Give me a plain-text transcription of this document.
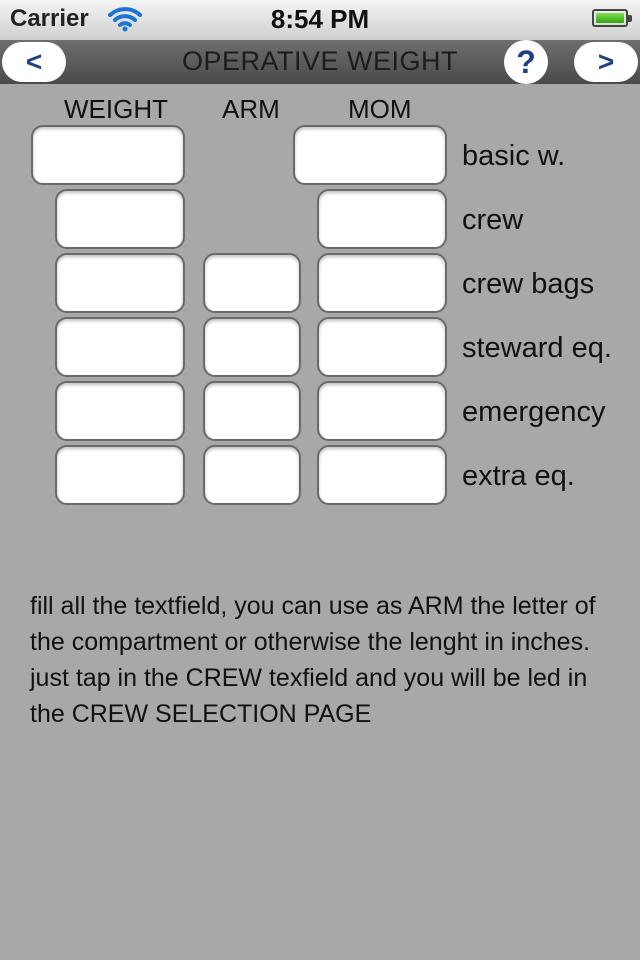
Carrier	8:54 PM
OPERATIVE WEIGHT
<	?	>
WEIGHT ARM	MOM
basic w.
crew
crew bags
steward eq.
emergency
extra eq.

fill all the textfield, you can use as ARM the letter of the compartment or otherwise the lenght in inches.

just tap in the CREW texfield and you will be led in the CREW SELECTION PAGE
